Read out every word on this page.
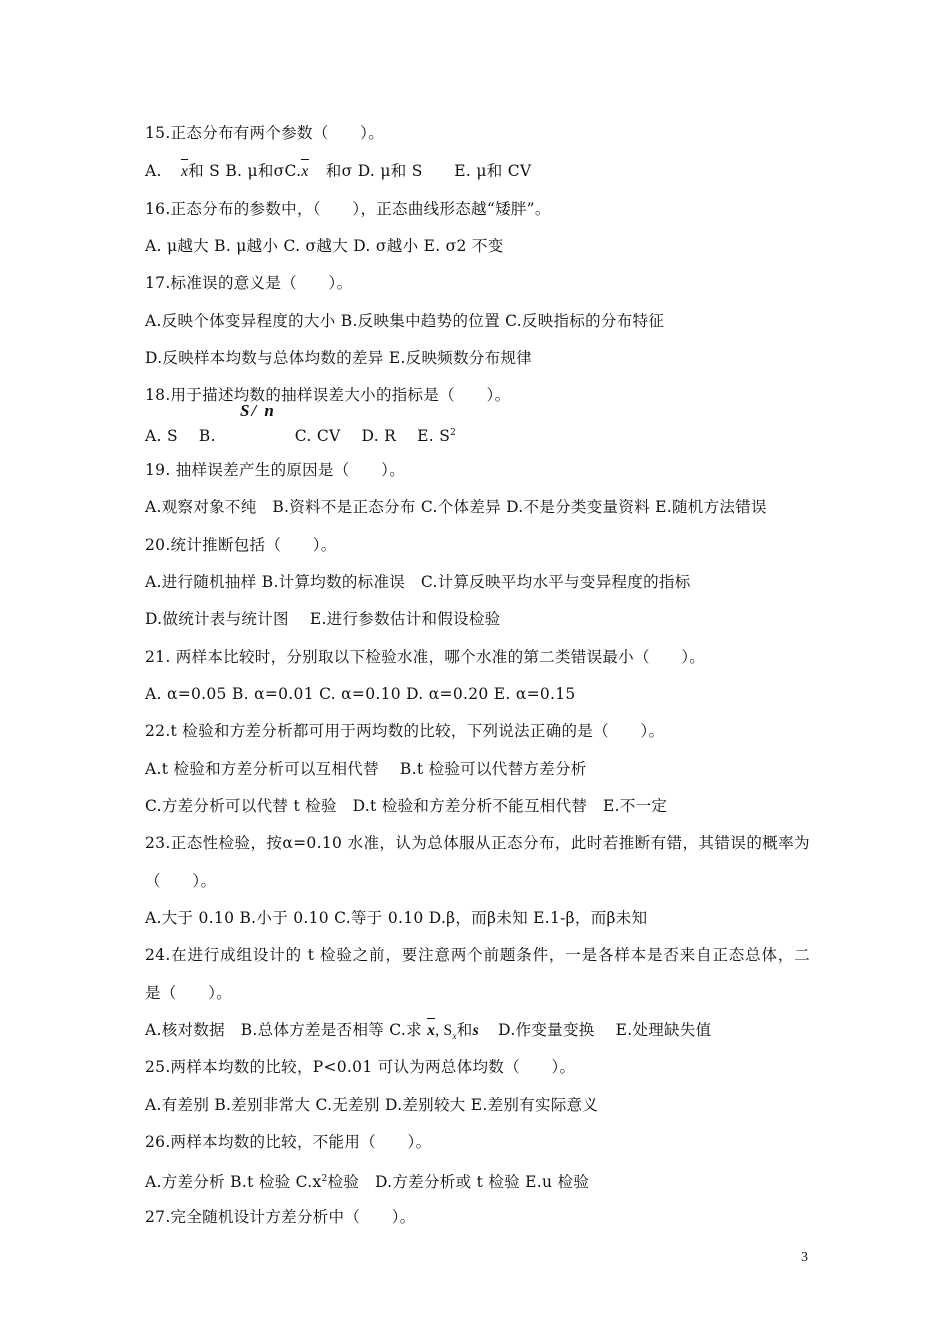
15.正态分布有两个参数（　　）。
A. x和 S B. μ和σC.x 和σ D. μ和 S　　E. μ和 CV
16.正态分布的参数中，（　　），正态曲线形态越“矮胖”。
A. μ越大 B. μ越小 C. σ越大 D. σ越小 E. σ2 不变
17.标准误的意义是（　　）。
A.反映个体变异程度的大小 B.反映集中趋势的位置 C.反映指标的分布特征
D.反映样本均数与总体均数的差异 E.反映频数分布规律
18.用于描述均数的抽样误差大小的指标是（　　）。
S/ n
A. S　 B.　　　　　C. CV　 D. R　 E. $S^2$
19. 抽样误差产生的原因是（　　）。
A.观察对象不纯　B.资料不是正态分布 C.个体差异 D.不是分类变量资料 E.随机方法错误
20.统计推断包括（　　）。
A.进行随机抽样 B.计算均数的标准误　C.计算反映平均水平与变异程度的指标
D.做统计表与统计图　 E.进行参数估计和假设检验
21. 两样本比较时，分别取以下检验水准，哪个水准的第二类错误最小（　　）。
A. α=0.05 B. α=0.01 C. α=0.10 D. α=0.20 E. α=0.15
22.t 检验和方差分析都可用于两均数的比较，下列说法正确的是（　　）。
A.t 检验和方差分析可以互相代替　 B.t 检验可以代替方差分析
C.方差分析可以代替 t 检验　D.t 检验和方差分析不能互相代替　E.不一定
23.正态性检验，按α=0.10 水准，认为总体服从正态分布，此时若推断有错，其错误的概率为
（　　）。
A.大于 0.10 B.小于 0.10 C.等于 0.10 D.β，而β未知 E.1-β，而β未知
24.在进行成组设计的 t 检验之前，要注意两个前题条件，一是各样本是否来自正态总体，二
是（　　）。
A.核对数据　B.总体方差是否相等 C.求 x, $S_x$和s D.作变量变换　 E.处理缺失值
25.两样本均数的比较，P<0.01 可认为两总体均数（　　）。
A.有差别 B.差别非常大 C.无差别 D.差别较大 E.差别有实际意义
26.两样本均数的比较，不能用（　　）。
A.方差分析 B.t 检验 $C.x^2$检验　D.方差分析或 t 检验 E.u 检验
27.完全随机设计方差分析中（　　）。
3
